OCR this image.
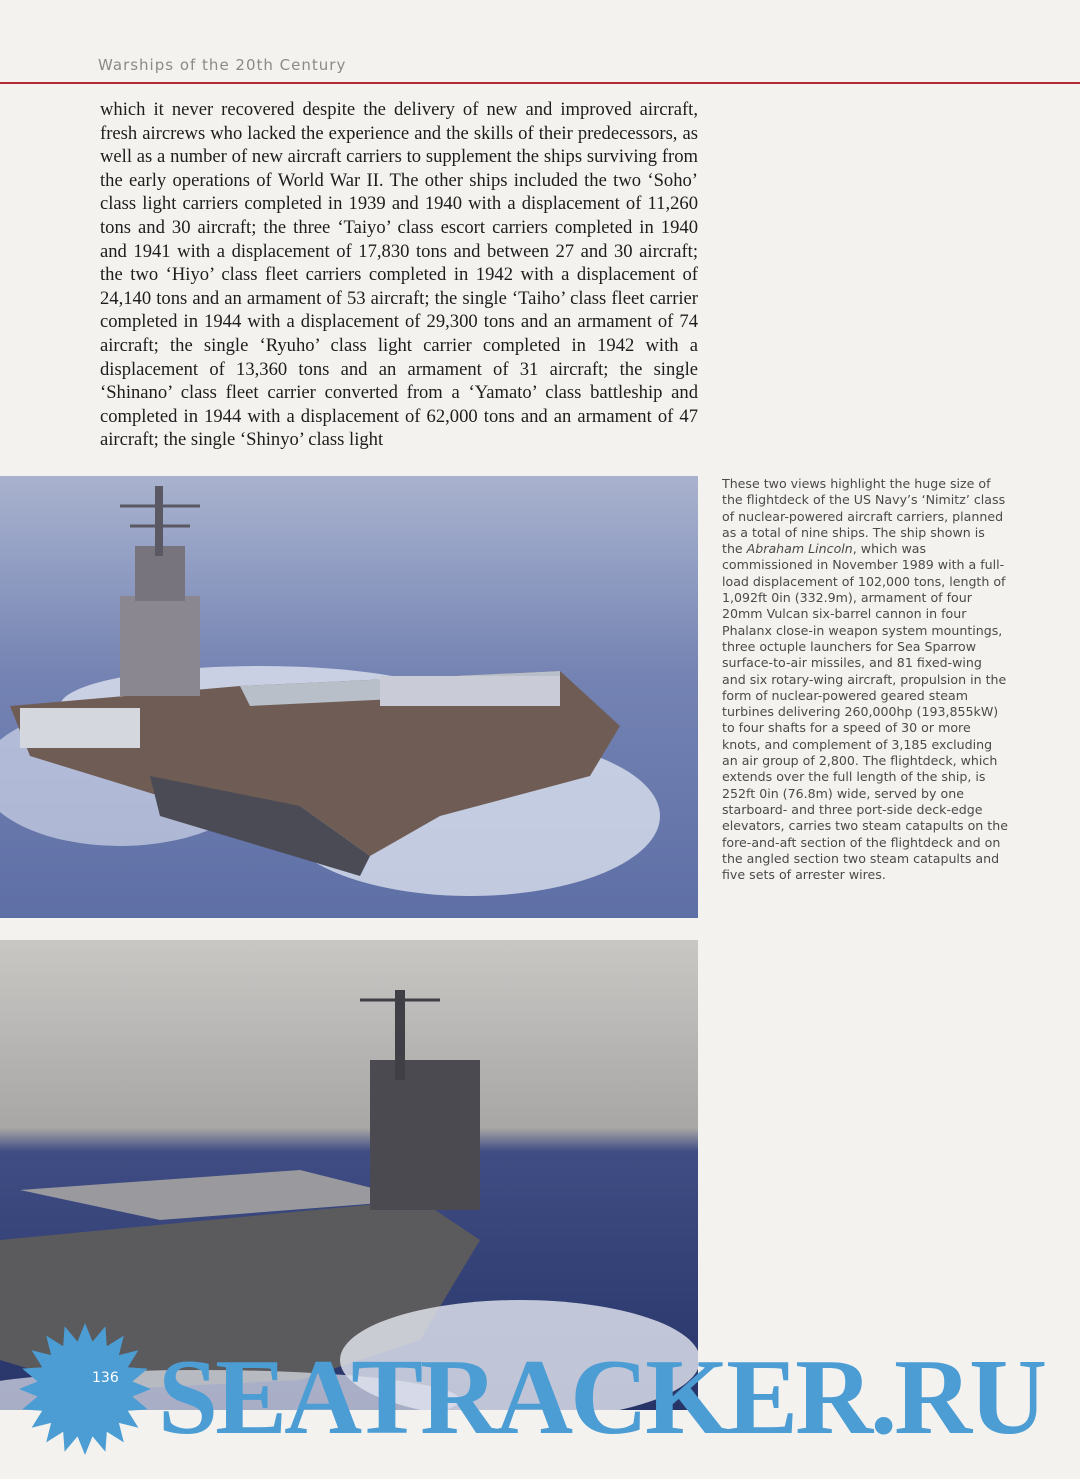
Warships of the 20th Century

which it never recovered despite the delivery of new and improved aircraft, fresh aircrews who lacked the experience and the skills of their predecessors, as well as a number of new aircraft carriers to supplement the ships surviving from the early operations of World War II. The other ships included the two ‘Soho’ class light carriers completed in 1939 and 1940 with a displacement of 11,260 tons and 30 aircraft; the three ‘Taiyo’ class escort carriers completed in 1940 and 1941 with a displacement of 17,830 tons and between 27 and 30 aircraft; the two ‘Hiyo’ class fleet carriers completed in 1942 with a displacement of 24,140 tons and an armament of 53 aircraft; the single ‘Taiho’ class fleet carrier completed in 1944 with a displacement of 29,300 tons and an armament of 74 aircraft; the single ‘Ryuho’ class light carrier completed in 1942 with a displacement of 13,360 tons and an armament of 31 aircraft; the single ‘Shinano’ class fleet carrier converted from a ‘Yamato’ class battleship and completed in 1944 with a displacement of 62,000 tons and an armament of 47 aircraft; the single ‘Shinyo’ class light

These two views highlight the huge size of the flightdeck of the US Navy’s ‘Nimitz’ class of nuclear-powered aircraft carriers, planned as a total of nine ships. The ship shown is the Abraham Lincoln, which was commissioned in November 1989 with a full-load displacement of 102,000 tons, length of 1,092ft 0in (332.9m), armament of four 20mm Vulcan six-barrel cannon in four Phalanx close-in weapon system mountings, three octuple launchers for Sea Sparrow surface-to-air missiles, and 81 fixed-wing and six rotary-wing aircraft, propulsion in the form of nuclear-powered geared steam turbines delivering 260,000hp (193,855kW) to four shafts for a speed of 30 or more knots, and complement of 3,185 excluding an air group of 2,800. The flightdeck, which extends over the full length of the ship, is 252ft 0in (76.8m) wide, served by one starboard- and three port-side deck-edge elevators, carries two steam catapults on the fore-and-aft section of the flightdeck and on the angled section two steam catapults and five sets of arrester wires.

136 SEATRACKER.RU
